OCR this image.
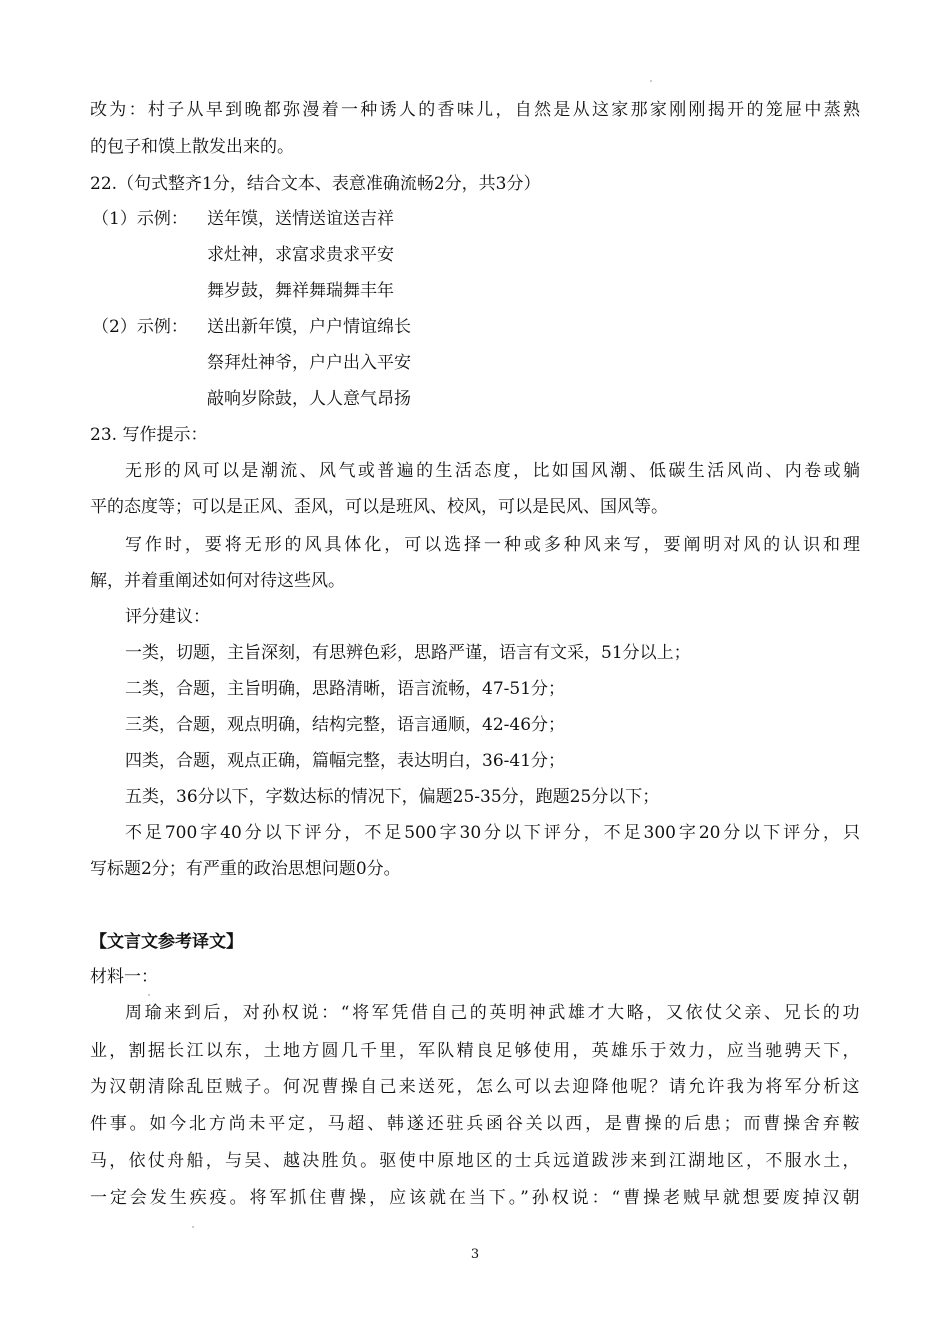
改为：村子从早到晚都弥漫着一种诱人的香味儿，自然是从这家那家刚刚揭开的笼屉中蒸熟
的包子和馍上散发出来的。
22.（句式整齐1分，结合文本、表意准确流畅2分，共3分）
（1）示例： 送年馍，送情送谊送吉祥
求灶神，求富求贵求平安
舞岁鼓，舞祥舞瑞舞丰年
（2）示例： 送出新年馍，户户情谊绵长
祭拜灶神爷，户户出入平安
敲响岁除鼓，人人意气昂扬
23. 写作提示：
无形的风可以是潮流、风气或普遍的生活态度，比如国风潮、低碳生活风尚、内卷或躺
平的态度等；可以是正风、歪风，可以是班风、校风，可以是民风、国风等。
写作时，要将无形的风具体化，可以选择一种或多种风来写，要阐明对风的认识和理
解，并着重阐述如何对待这些风。
评分建议：
一类，切题，主旨深刻，有思辨色彩，思路严谨，语言有文采，51分以上；
二类，合题，主旨明确，思路清晰，语言流畅，47-51分；
三类，合题，观点明确，结构完整，语言通顺，42-46分；
四类，合题，观点正确，篇幅完整，表达明白，36-41分；
五类，36分以下，字数达标的情况下，偏题25-35分，跑题25分以下；
不足700字40分以下评分，不足500字30分以下评分，不足300字20分以下评分，只
写标题2分；有严重的政治思想问题0分。
【文言文参考译文】
材料一：
周瑜来到后，对孙权说：“将军凭借自己的英明神武雄才大略，又依仗父亲、兄长的功
业，割据长江以东，土地方圆几千里，军队精良足够使用，英雄乐于效力，应当驰骋天下，
为汉朝清除乱臣贼子。何况曹操自己来送死，怎么可以去迎降他呢？请允许我为将军分析这
件事。如今北方尚未平定，马超、韩遂还驻兵函谷关以西，是曹操的后患；而曹操舍弃鞍
马，依仗舟船，与吴、越决胜负。驱使中原地区的士兵远道跋涉来到江湖地区，不服水土，
一定会发生疾疫。将军抓住曹操，应该就在当下。”孙权说：“曹操老贼早就想要废掉汉朝
3
